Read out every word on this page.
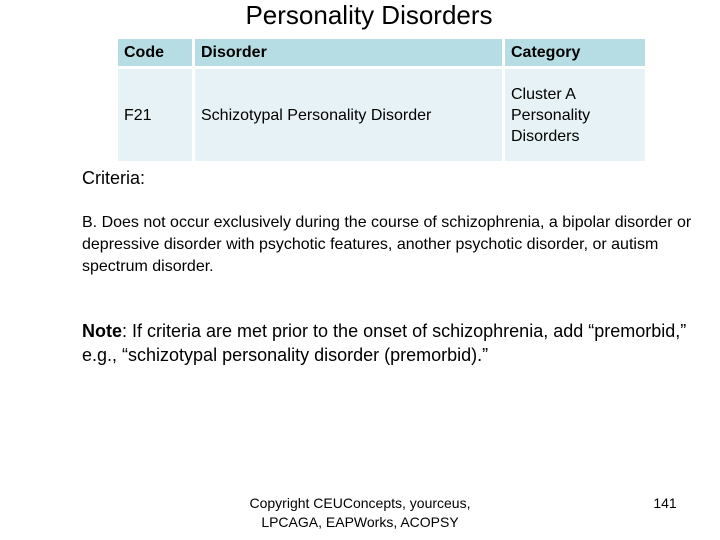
Personality Disorders
Code	Disorder	Category
F21	Schizotypal Personality Disorder	Cluster A Personality Disorders
Criteria:
B. Does not occur exclusively during the course of schizophrenia, a bipolar disorder or depressive disorder with psychotic features, another psychotic disorder, or autism spectrum disorder.
Note: If criteria are met prior to the onset of schizophrenia, add “premorbid,” e.g., “schizotypal personality disorder (premorbid).”
Copyright CEUConcepts, yourceus, LPCAGA, EAPWorks, ACOPSY
141
